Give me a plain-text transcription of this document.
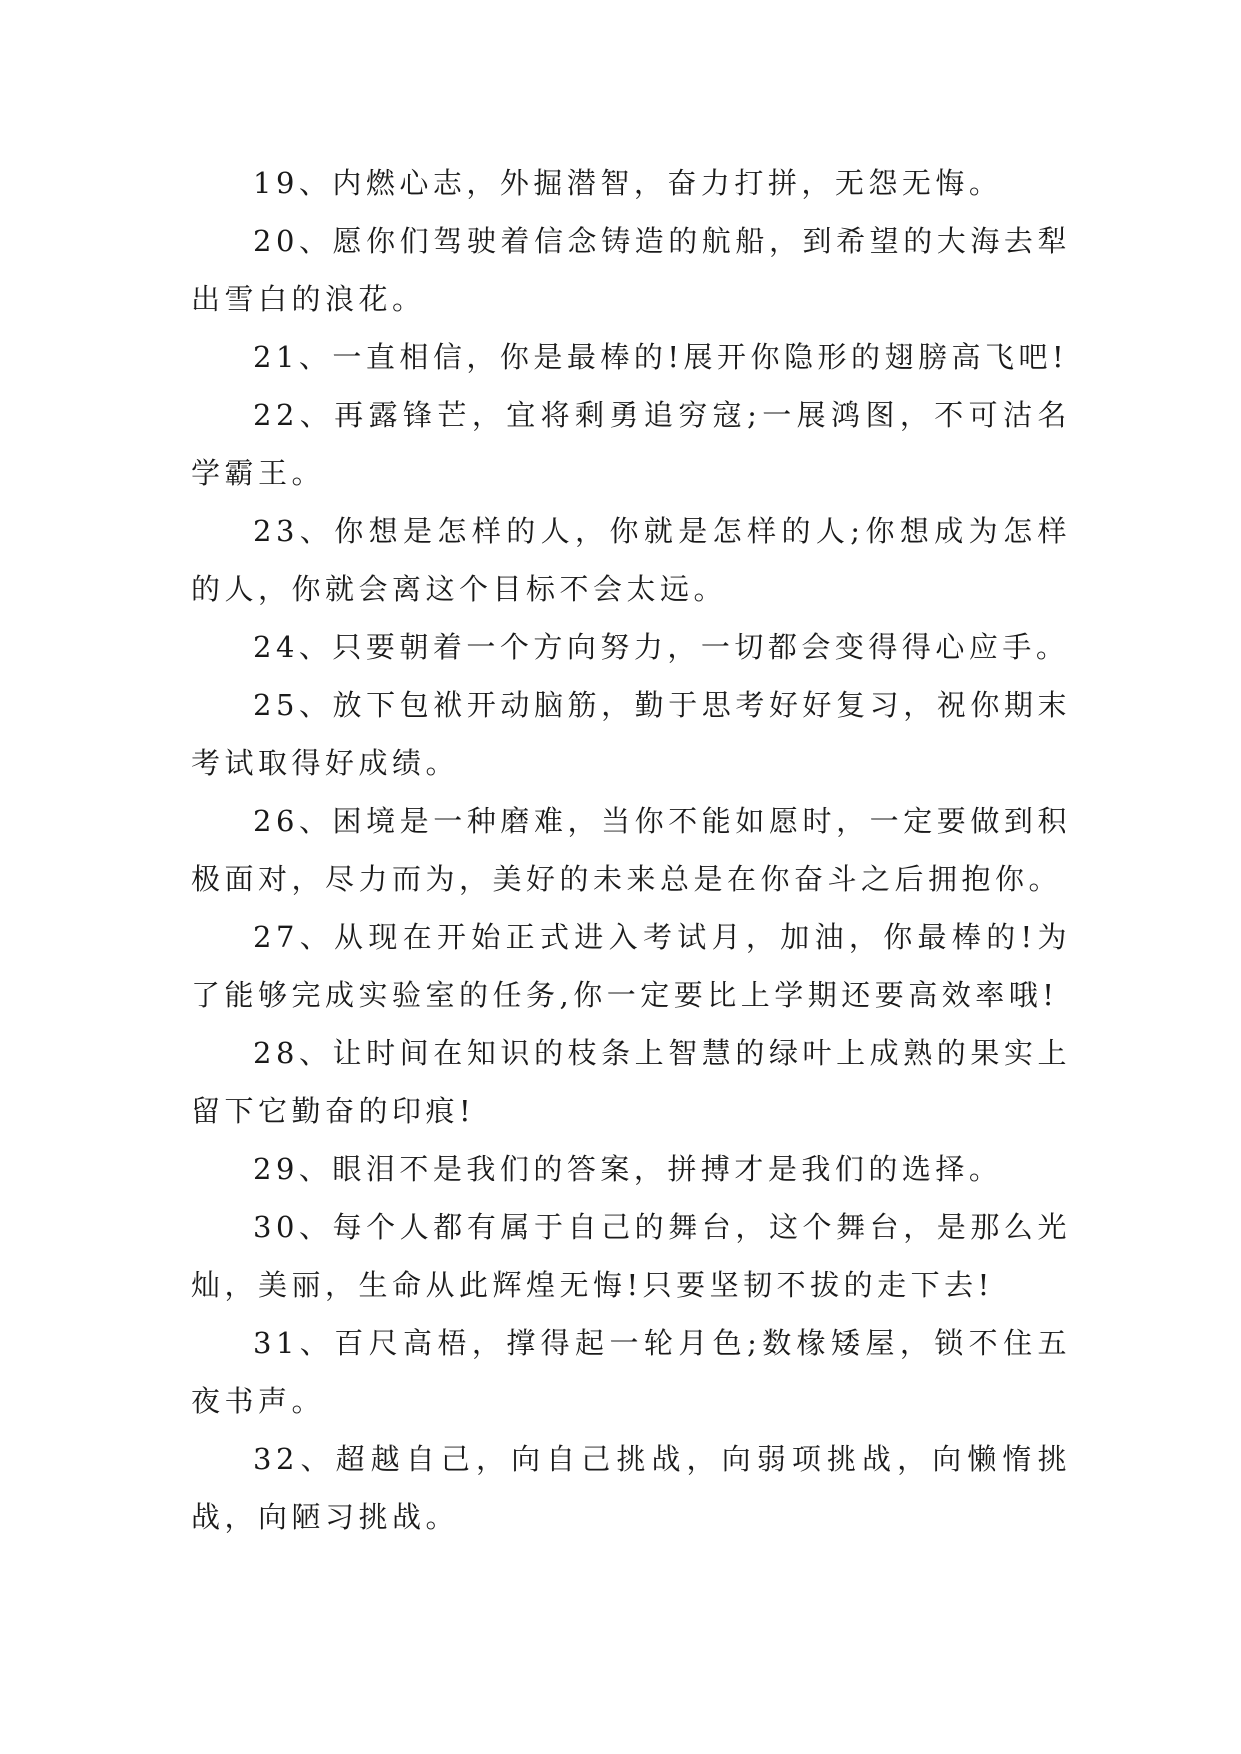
19、内燃心志，外掘潜智，奋力打拼，无怨无悔。

20、愿你们驾驶着信念铸造的航船，到希望的大海去犁出雪白的浪花。

21、一直相信，你是最棒的!展开你隐形的翅膀高飞吧!

22、再露锋芒，宜将剩勇追穷寇;一展鸿图，不可沽名学霸王。

23、你想是怎样的人，你就是怎样的人;你想成为怎样的人，你就会离这个目标不会太远。

24、只要朝着一个方向努力，一切都会变得得心应手。

25、放下包袱开动脑筋，勤于思考好好复习，祝你期末考试取得好成绩。

26、困境是一种磨难，当你不能如愿时，一定要做到积极面对，尽力而为，美好的未来总是在你奋斗之后拥抱你。

27、从现在开始正式进入考试月，加油，你最棒的!为了能够完成实验室的任务,你一定要比上学期还要高效率哦!

28、让时间在知识的枝条上智慧的绿叶上成熟的果实上留下它勤奋的印痕!

29、眼泪不是我们的答案，拼搏才是我们的选择。

30、每个人都有属于自己的舞台，这个舞台，是那么光灿，美丽，生命从此辉煌无悔!只要坚韧不拔的走下去!

31、百尺高梧，撑得起一轮月色;数椽矮屋，锁不住五夜书声。

32、超越自己，向自己挑战，向弱项挑战，向懒惰挑战，向陋习挑战。
